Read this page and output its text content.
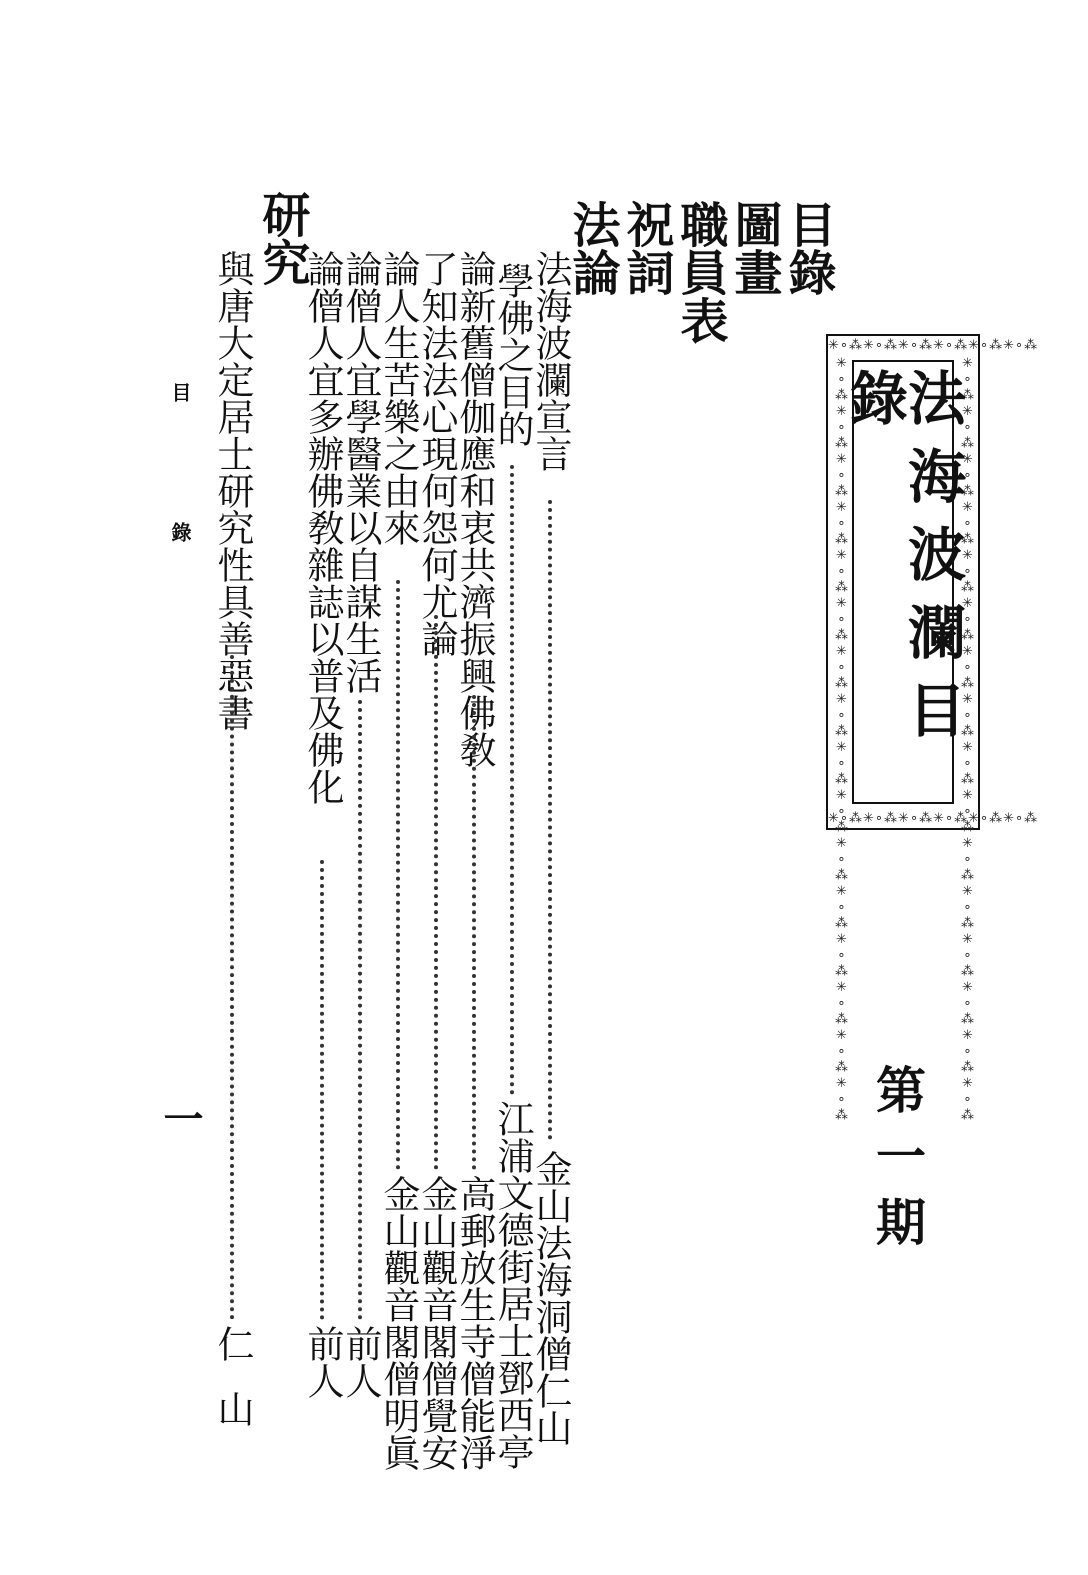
✳∘⁂✳∘⁂✳∘⁂✳∘⁂✳∘⁂✳∘⁂
✳∘⁂✳∘⁂✳∘⁂✳∘⁂✳∘⁂✳∘⁂
✳∘⁂✳∘⁂✳∘⁂✳∘⁂✳∘⁂✳∘⁂✳∘⁂✳∘⁂✳∘⁂✳∘⁂✳∘⁂✳∘⁂✳∘⁂✳∘⁂✳∘⁂✳∘⁂	✳∘⁂✳∘⁂✳∘⁂✳∘⁂✳∘⁂✳∘⁂✳∘⁂✳∘⁂✳∘⁂✳∘⁂✳∘⁂✳∘⁂✳∘⁂✳∘⁂✳∘⁂✳∘⁂
法海波瀾目錄
第一期
目錄
圖畫
職員表
祝詞
法論
研究
法海波瀾宣言
金山法海洞僧仁山
學佛之目的
江浦文德街居士鄧西亭
論新舊僧伽應和衷共濟振興佛敎
高郵放生寺僧能淨
了知法法心現何怨何尤論
金山觀音閣僧覺安
論人生苦樂之由來
金山觀音閣僧明眞
論僧人宜學醫業以自謀生活
前人
論僧人宜多辦佛敎雜誌以普及佛化
前人
與唐大定居士研究性具善惡書
仁山
目錄
一
